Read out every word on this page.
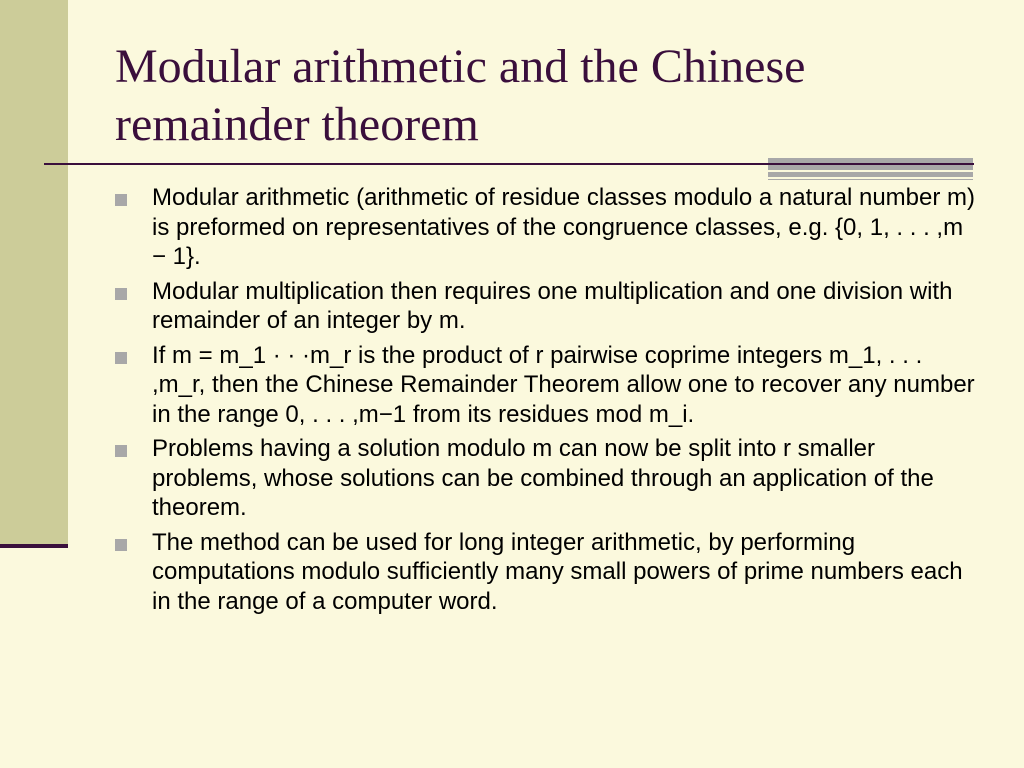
Modular arithmetic and the Chinese remainder theorem
Modular arithmetic (arithmetic of residue classes modulo a natural number m) is preformed on representatives of the congruence classes, e.g. {0, 1, . . . ,m − 1}.
Modular multiplication then requires one multiplication and one division with remainder of an integer by m.
If m = m_1 · · ·m_r is the product of r pairwise coprime integers m_1, . . . ,m_r, then the Chinese Remainder Theorem allow one to recover any number in the range 0, . . . ,m−1 from its residues mod m_i.
Problems having a solution modulo m can now be split into r smaller problems, whose solutions can be combined through an application of the theorem.
The method can be used for long integer arithmetic, by performing computations modulo sufficiently many small powers of prime numbers each in the range of a computer word.
